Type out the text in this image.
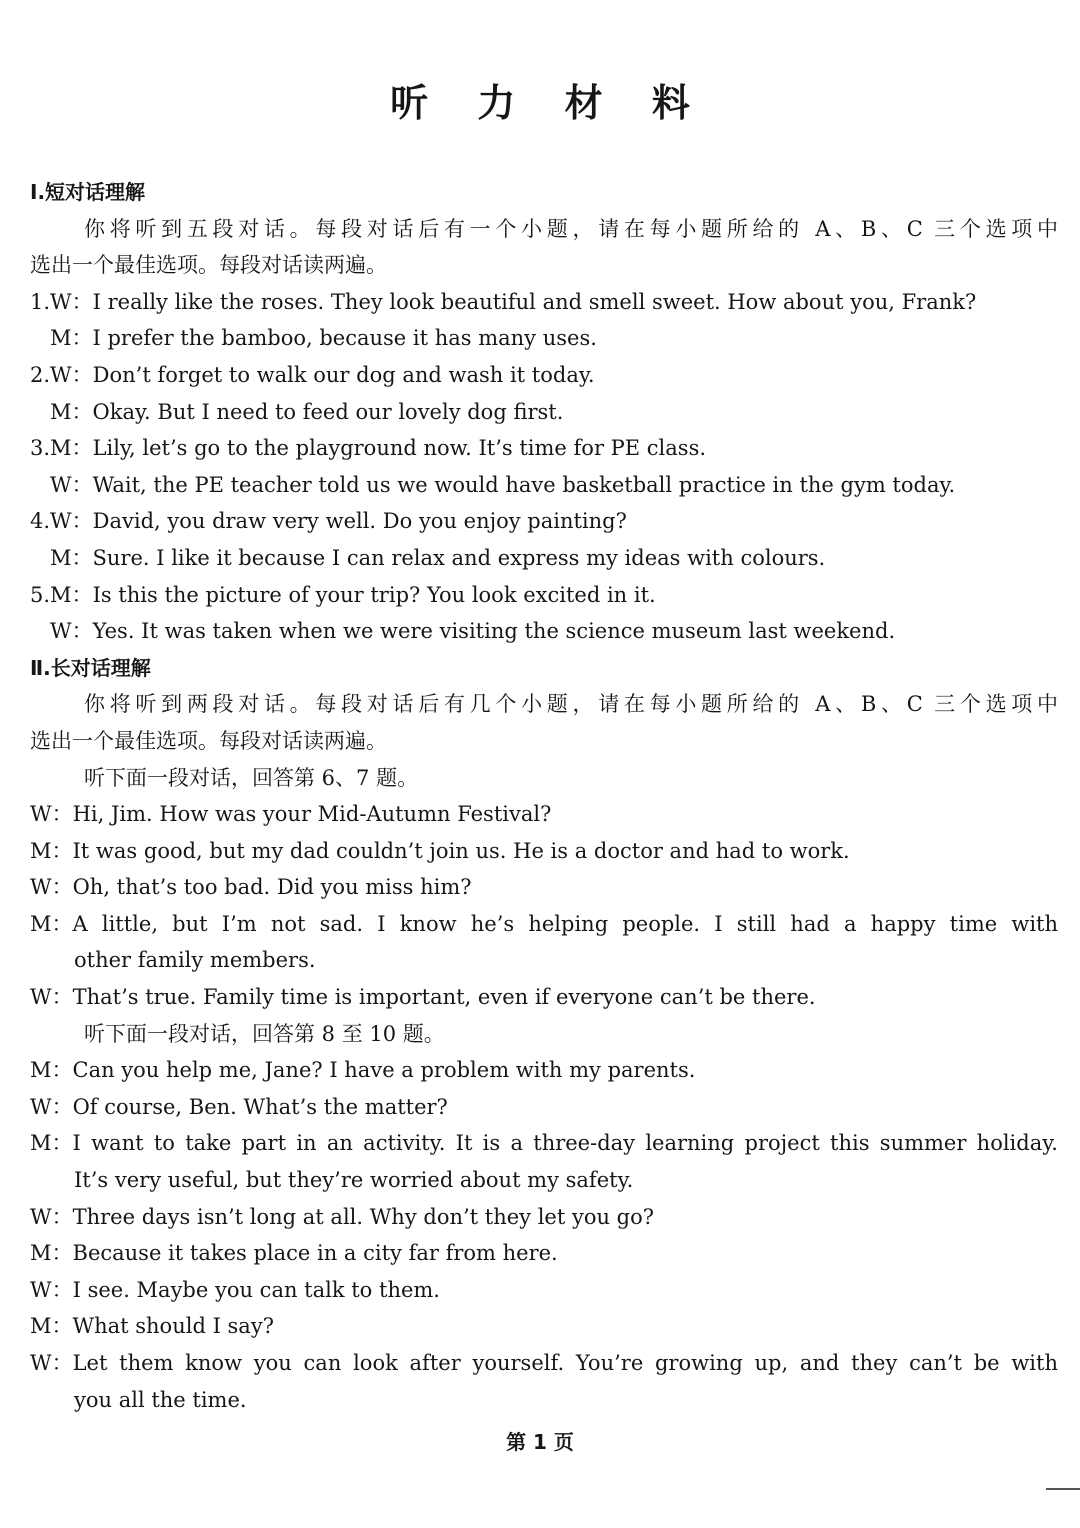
听 力 材 料
Ⅰ.短对话理解
你将听到五段对话。每段对话后有一个小题，请在每小题所给的 A、B、C 三个选项中
选出一个最佳选项。每段对话读两遍。
1.W：I really like the roses. They look beautiful and smell sweet. How about you, Frank?
M：I prefer the bamboo, because it has many uses.
2.W：Don’t forget to walk our dog and wash it today.
M：Okay. But I need to feed our lovely dog first.
3.M：Lily, let’s go to the playground now. It’s time for PE class.
W：Wait, the PE teacher told us we would have basketball practice in the gym today.
4.W：David, you draw very well. Do you enjoy painting?
M：Sure. I like it because I can relax and express my ideas with colours.
5.M：Is this the picture of your trip? You look excited in it.
W：Yes. It was taken when we were visiting the science museum last weekend.
Ⅱ.长对话理解
你将听到两段对话。每段对话后有几个小题，请在每小题所给的 A、B、C 三个选项中
选出一个最佳选项。每段对话读两遍。
听下面一段对话，回答第 6、7 题。
W： Hi, Jim. How was your Mid-Autumn Festival?
M： It was good, but my dad couldn’t join us. He is a doctor and had to work.
W： Oh, that’s too bad. Did you miss him?
M： A little, but I’m not sad. I know he’s helping people. I still had a happy time with
other family members.
W： That’s true. Family time is important, even if everyone can’t be there.
听下面一段对话，回答第 8 至 10 题。
M： Can you help me, Jane? I have a problem with my parents.
W： Of course, Ben. What’s the matter?
M： I want to take part in an activity. It is a three-day learning project this summer holiday.
It’s very useful, but they’re worried about my safety.
W： Three days isn’t long at all. Why don’t they let you go?
M： Because it takes place in a city far from here.
W： I see. Maybe you can talk to them.
M： What should I say?
W： Let them know you can look after yourself. You’re growing up, and they can’t be with
you all the time.
第 1 页
